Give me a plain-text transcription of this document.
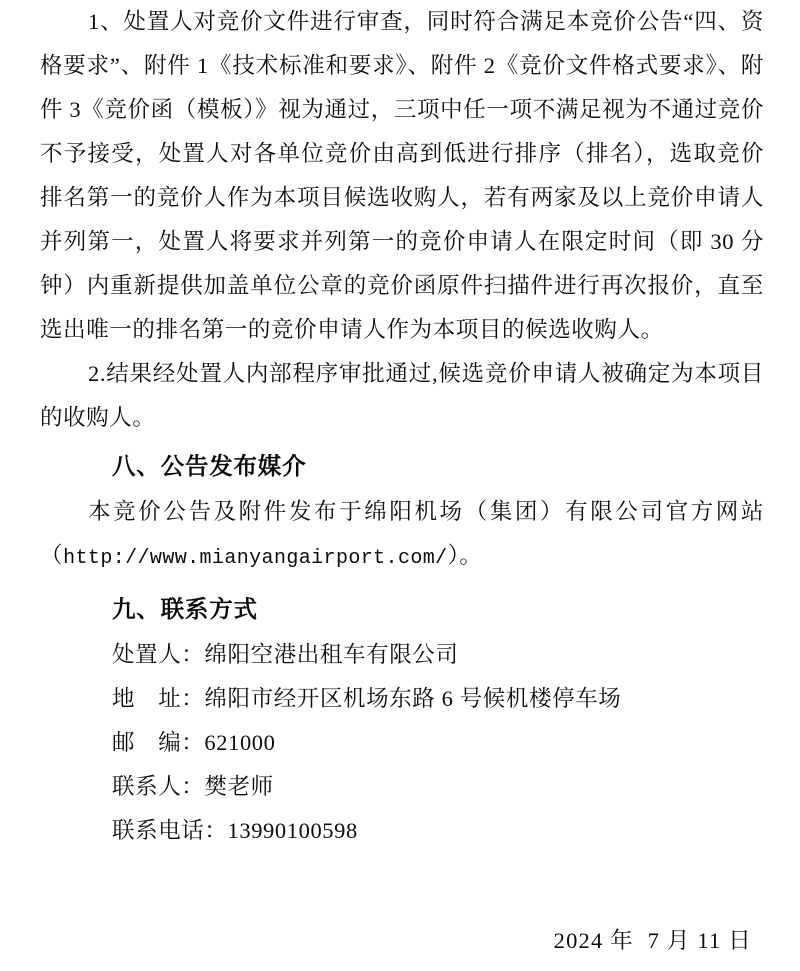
1、处置人对竞价文件进行审查，同时符合满足本竞价公告“四、资格要求”、附件 1《技术标准和要求》、附件 2《竞价文件格式要求》、附件 3《竞价函（模板）》视为通过，三项中任一项不满足视为不通过竞价不予接受，处置人对各单位竞价由高到低进行排序（排名），选取竞价排名第一的竞价人作为本项目候选收购人，若有两家及以上竞价申请人并列第一，处置人将要求并列第一的竞价申请人在限定时间（即 30 分钟）内重新提供加盖单位公章的竞价函原件扫描件进行再次报价，直至选出唯一的排名第一的竞价申请人作为本项目的候选收购人。

2.结果经处置人内部程序审批通过,候选竞价申请人被确定为本项目的收购人。

八、公告发布媒介

本竞价公告及附件发布于绵阳机场（集团）有限公司官方网站（http://www.mianyangairport.com/）。

九、联系方式

处置人：绵阳空港出租车有限公司

地　址：绵阳市经开区机场东路 6 号候机楼停车场

邮　编：621000

联系人：樊老师

联系电话：13990100598

2024 年  7 月 11 日
